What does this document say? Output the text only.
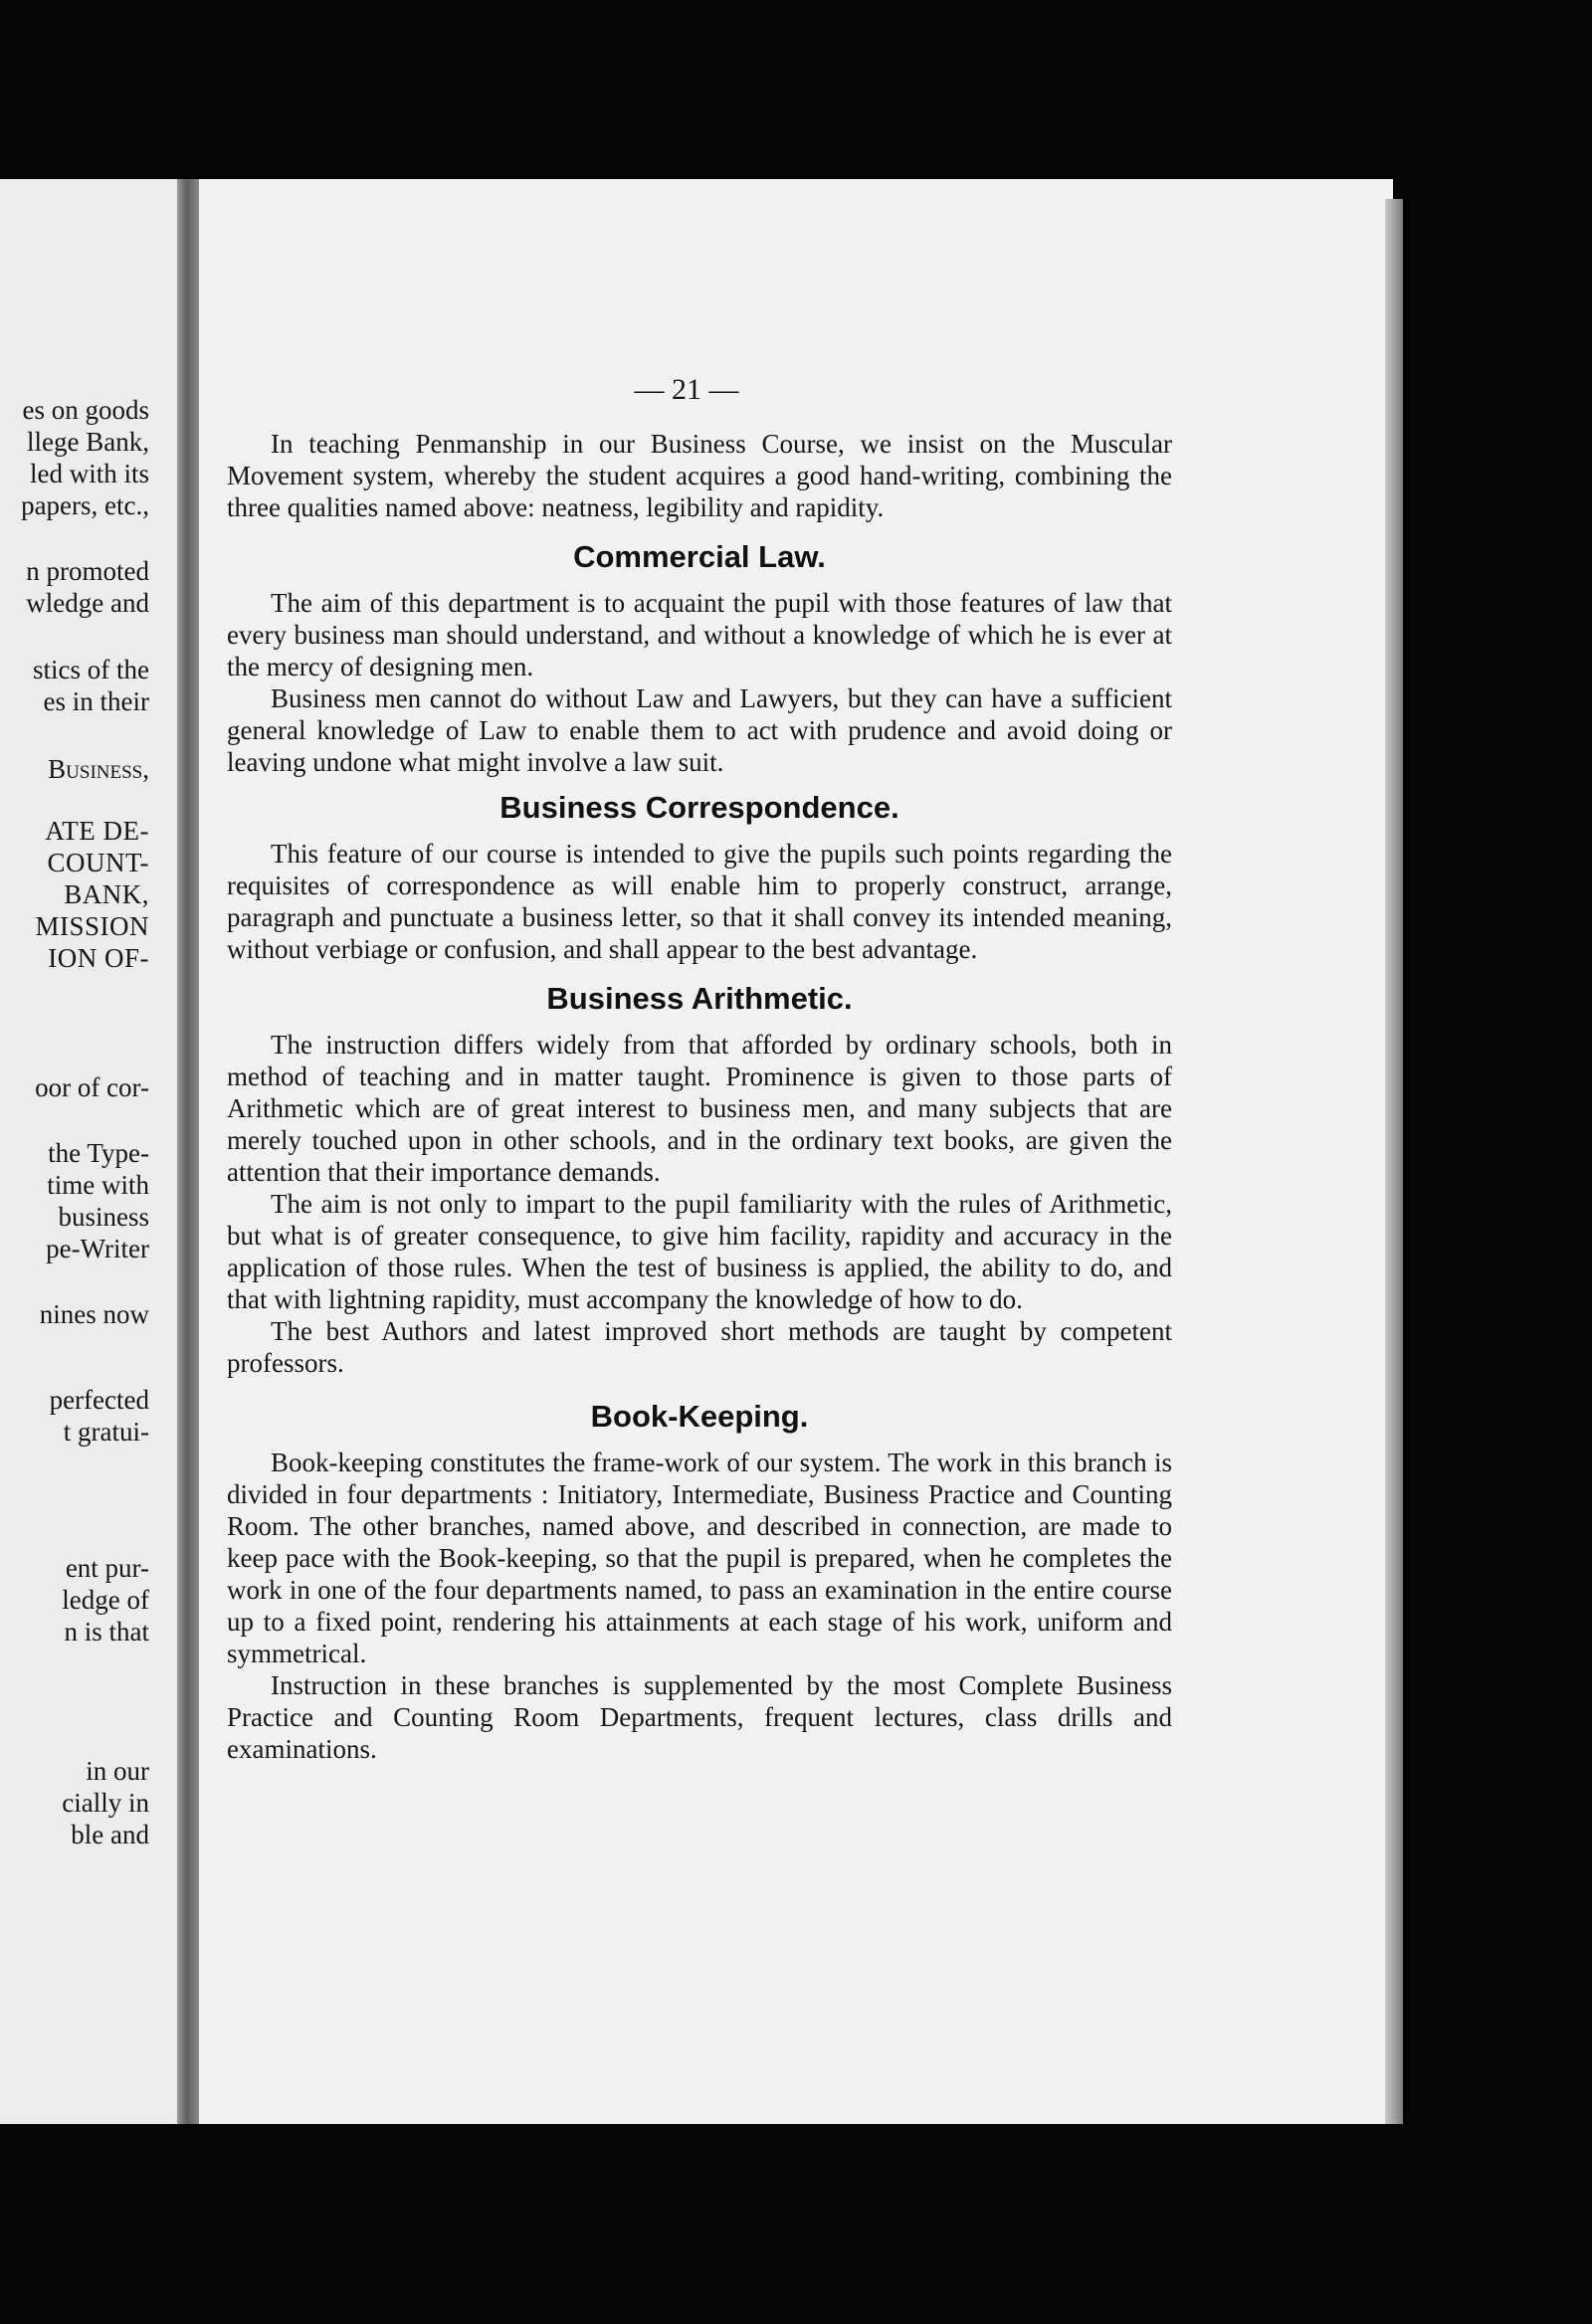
es on goods
llege Bank,
led with its
papers, etc.,
n promoted
wledge and
stics of the
es in their
Business,
ATE DE-
COUNT-
BANK,
MISSION
ION OF-
oor of cor-
the Type-
time with
business
pe-Writer
nines now
perfected
t gratui-
ent pur-
ledge of
n is that
in our
cially in
ble and
— 21 —

In teaching Penmanship in our Business Course, we insist on the Muscular Movement system, whereby the student acquires a good hand-writing, combining the three qualities named above: neatness, legibility and rapidity.

Commercial Law.

The aim of this department is to acquaint the pupil with those features of law that every business man should understand, and without a knowledge of which he is ever at the mercy of designing men.

Business men cannot do without Law and Lawyers, but they can have a sufficient general knowledge of Law to enable them to act with prudence and avoid doing or leaving undone what might involve a law suit.

Business Correspondence.

This feature of our course is intended to give the pupils such points regarding the requisites of correspondence as will enable him to properly construct, arrange, paragraph and punctuate a business letter, so that it shall convey its intended meaning, without verbiage or confusion, and shall appear to the best advantage.

Business Arithmetic.

The instruction differs widely from that afforded by ordinary schools, both in method of teaching and in matter taught. Prominence is given to those parts of Arithmetic which are of great interest to business men, and many subjects that are merely touched upon in other schools, and in the ordinary text books, are given the attention that their importance demands.

The aim is not only to impart to the pupil familiarity with the rules of Arithmetic, but what is of greater consequence, to give him facility, rapidity and accuracy in the application of those rules. When the test of business is applied, the ability to do, and that with lightning rapidity, must accompany the knowledge of how to do.

The best Authors and latest improved short methods are taught by competent professors.

Book-Keeping.

Book-keeping constitutes the frame-work of our system. The work in this branch is divided in four departments : Initiatory, Intermediate, Business Practice and Counting Room. The other branches, named above, and described in connection, are made to keep pace with the Book-keeping, so that the pupil is prepared, when he completes the work in one of the four departments named, to pass an examination in the entire course up to a fixed point, rendering his attainments at each stage of his work, uniform and symmetrical.

Instruction in these branches is supplemented by the most Complete Business Practice and Counting Room Departments, frequent lectures, class drills and examinations.
